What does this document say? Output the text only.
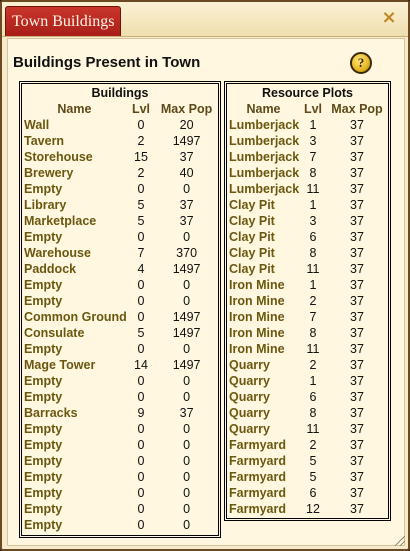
Town Buildings	×
Buildings Present in Town	?
Buildings
Name	Lvl	Max Pop
Wall	0	20
Tavern	2	1497
Storehouse	15	37
Brewery	2	40
Empty	0	0
Library	5	37
Marketplace	5	37
Empty	0	0
Warehouse	7	370
Paddock	4	1497
Empty	0	0
Empty	0	0
Common Ground	0	1497
Consulate	5	1497
Empty	0	0
Mage Tower	14	1497
Empty	0	0
Empty	0	0
Barracks	9	37
Empty	0	0
Empty	0	0
Empty	0	0
Empty	0	0
Empty	0	0
Empty	0	0
Empty	0	0
Resource Plots
Name	Lvl	Max Pop
Lumberjack	1	37
Lumberjack	3	37
Lumberjack	7	37
Lumberjack	8	37
Lumberjack	11	37
Clay Pit	1	37
Clay Pit	3	37
Clay Pit	6	37
Clay Pit	8	37
Clay Pit	11	37
Iron Mine	1	37
Iron Mine	2	37
Iron Mine	7	37
Iron Mine	8	37
Iron Mine	11	37
Quarry	2	37
Quarry	1	37
Quarry	6	37
Quarry	8	37
Quarry	11	37
Farmyard	2	37
Farmyard	5	37
Farmyard	5	37
Farmyard	6	37
Farmyard	12	37
